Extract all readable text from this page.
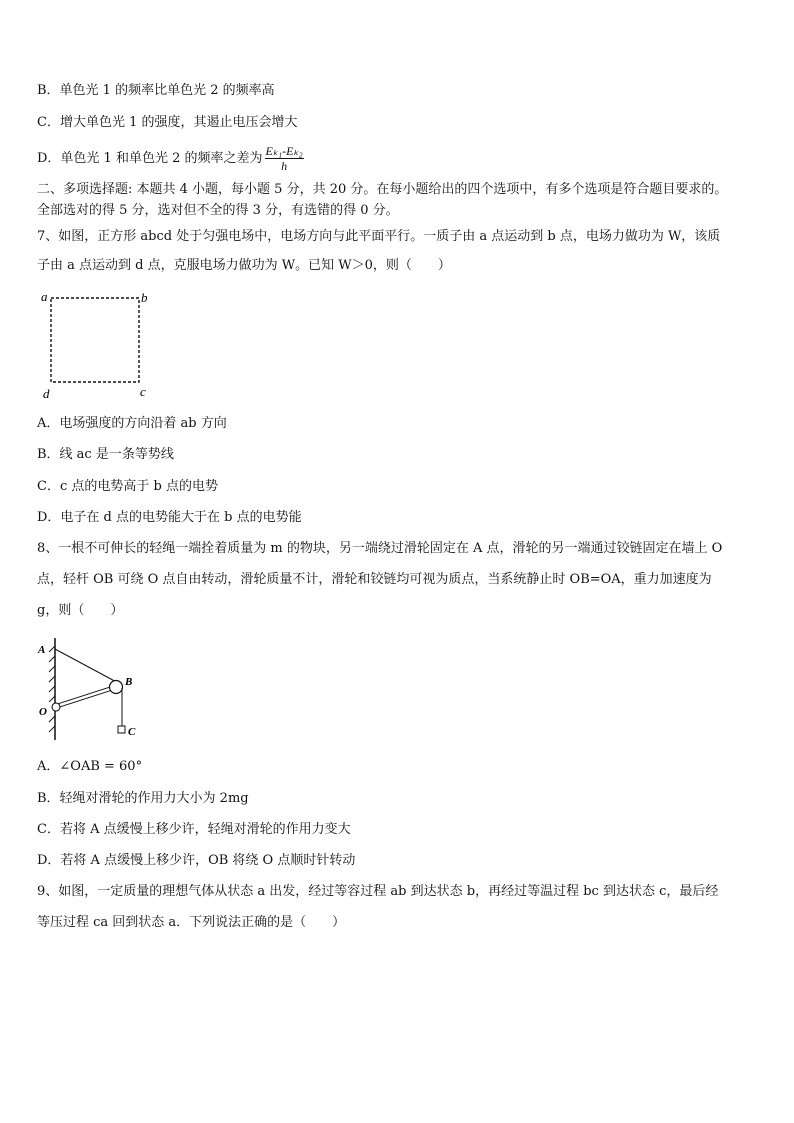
B．单色光 1 的频率比单色光 2 的频率高
C．增大单色光 1 的强度，其遏止电压会增大
D．单色光 1 和单色光 2 的频率之差为 $\frac{\text{Eₖ₁-Eₖ₂}}{h}$
二、多项选择题: 本题共 4 小题，每小题 5 分，共 20 分。在每小题给出的四个选项中，有多个选项是符合题目要求的。
全部选对的得 5 分，选对但不全的得 3 分，有选错的得 0 分。
7、如图，正方形 abcd 处于匀强电场中，电场方向与此平面平行。一质子由 a 点运动到 b 点，电场力做功为 W，该质
子由 a 点运动到 d 点，克服电场力做功为 W。已知 W＞0，则（　　）
a	b
c
d
A．电场强度的方向沿着 ab 方向
B．线 ac 是一条等势线
C．c 点的电势高于 b 点的电势
D．电子在 d 点的电势能大于在 b 点的电势能
8、一根不可伸长的轻绳一端拴着质量为 m 的物块，另一端绕过滑轮固定在 A 点，滑轮的另一端通过铰链固定在墙上 O
点，轻杆 OB 可绕 O 点自由转动，滑轮质量不计，滑轮和铰链均可视为质点，当系统静止时 OB=OA，重力加速度为
g，则（　　）
A
B
O
C
A．∠OAB = 60°
B．轻绳对滑轮的作用力大小为 2mg
C．若将 A 点缓慢上移少许，轻绳对滑轮的作用力变大
D．若将 A 点缓慢上移少许，OB 将绕 O 点顺时针转动
9、如图，一定质量的理想气体从状态 a 出发，经过等容过程 ab 到达状态 b，再经过等温过程 bc 到达状态 c，最后经
等压过程 ca 回到状态 a．下列说法正确的是（　　）
